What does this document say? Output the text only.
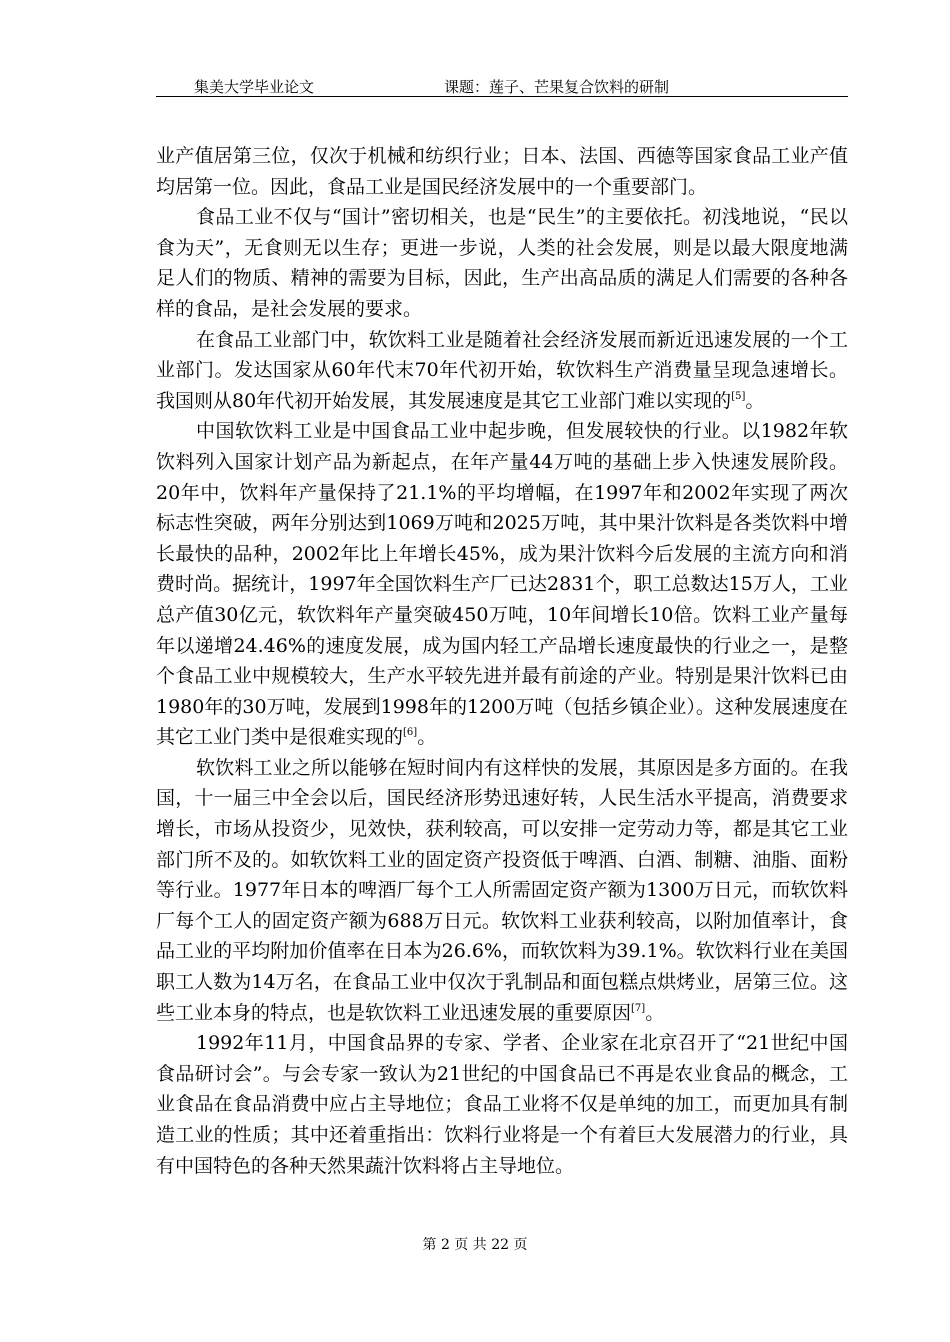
集美大学毕业论文	课题：莲子、芒果复合饮料的研制

业产值居第三位，仅次于机械和纺织行业；日本、法国、西德等国家食品工业产值均居第一位。因此，食品工业是国民经济发展中的一个重要部门。

食品工业不仅与“国计”密切相关，也是“民生”的主要依托。初浅地说，“民以食为天”，无食则无以生存；更进一步说，人类的社会发展，则是以最大限度地满足人们的物质、精神的需要为目标，因此，生产出高品质的满足人们需要的各种各样的食品，是社会发展的要求。

在食品工业部门中，软饮料工业是随着社会经济发展而新近迅速发展的一个工业部门。发达国家从60年代末70年代初开始，软饮料生产消费量呈现急速增长。我国则从80年代初开始发展，其发展速度是其它工业部门难以实现的[5]。

中国软饮料工业是中国食品工业中起步晚，但发展较快的行业。以1982年软饮料列入国家计划产品为新起点，在年产量44万吨的基础上步入快速发展阶段。20年中，饮料年产量保持了21.1%的平均增幅，在1997年和2002年实现了两次标志性突破，两年分别达到1069万吨和2025万吨，其中果汁饮料是各类饮料中增长最快的品种，2002年比上年增长45%，成为果汁饮料今后发展的主流方向和消费时尚。据统计，1997年全国饮料生产厂已达2831个，职工总数达15万人，工业总产值30亿元，软饮料年产量突破450万吨，10年间增长10倍。饮料工业产量每年以递增24.46%的速度发展，成为国内轻工产品增长速度最快的行业之一，是整个食品工业中规模较大，生产水平较先进并最有前途的产业。特别是果汁饮料已由1980年的30万吨，发展到1998年的1200万吨（包括乡镇企业）。这种发展速度在其它工业门类中是很难实现的[6]。

软饮料工业之所以能够在短时间内有这样快的发展，其原因是多方面的。在我国，十一届三中全会以后，国民经济形势迅速好转，人民生活水平提高，消费要求增长，市场从投资少，见效快，获利较高，可以安排一定劳动力等，都是其它工业部门所不及的。如软饮料工业的固定资产投资低于啤酒、白酒、制糖、油脂、面粉等行业。1977年日本的啤酒厂每个工人所需固定资产额为1300万日元，而软饮料厂每个工人的固定资产额为688万日元。软饮料工业获利较高，以附加值率计，食品工业的平均附加价值率在日本为26.6%，而软饮料为39.1%。软饮料行业在美国职工人数为14万名，在食品工业中仅次于乳制品和面包糕点烘烤业，居第三位。这些工业本身的特点，也是软饮料工业迅速发展的重要原因[7]。

1992年11月，中国食品界的专家、学者、企业家在北京召开了“21世纪中国食品研讨会”。与会专家一致认为21世纪的中国食品已不再是农业食品的概念，工业食品在食品消费中应占主导地位；食品工业将不仅是单纯的加工，而更加具有制造工业的性质；其中还着重指出：饮料行业将是一个有着巨大发展潜力的行业，具有中国特色的各种天然果蔬汁饮料将占主导地位。

第 2 页 共 22 页
